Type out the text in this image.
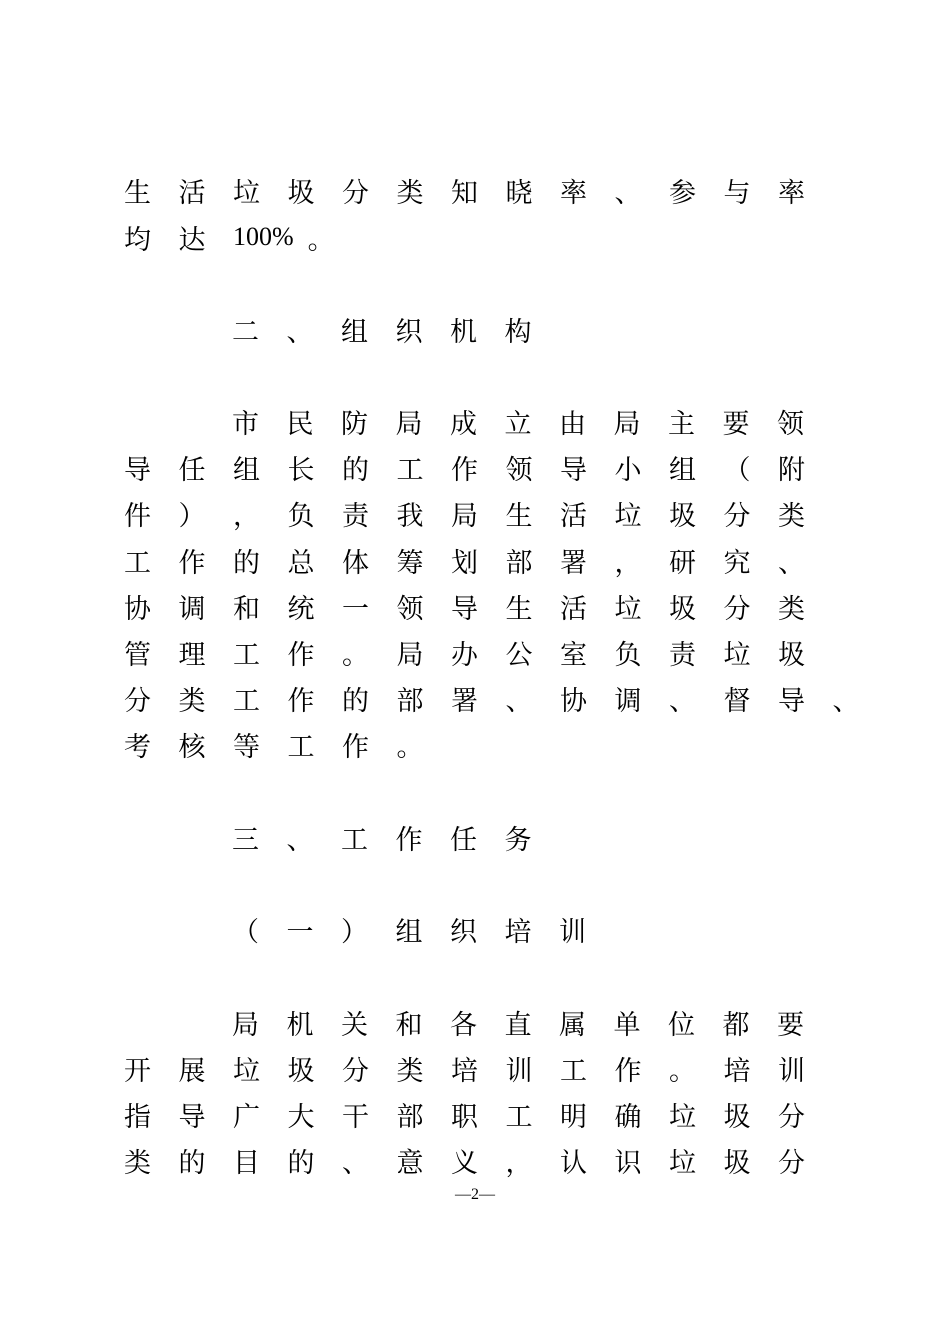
生 活 垃 圾 分 类 知 晓 率 、 参 与 率
均 达	100% 。
二 、 组 织 机 构
市 民 防 局 成 立 由 局 主 要 领
导 任 组 长 的 工 作 领 导 小 组 （ 附
件 ） ， 负 责 我 局 生 活 垃 圾 分 类
工 作 的 总 体 筹 划 部 署 ， 研 究 、
协 调 和 统 一 领 导 生 活 垃 圾 分 类
管 理 工 作 。 局 办 公 室 负 责 垃 圾
分 类 工 作 的 部 署 、 协 调 、 督 导 、
考 核 等 工 作 。
三 、 工 作 任 务
（ 一 ） 组 织 培 训
局 机 关 和 各 直 属 单 位 都 要
开 展 垃 圾 分 类 培 训 工 作 。 培 训
指 导 广 大 干 部 职 工 明 确 垃 圾 分
类 的 目 的 、 意 义 ， 认 识 垃 圾 分
—2—
